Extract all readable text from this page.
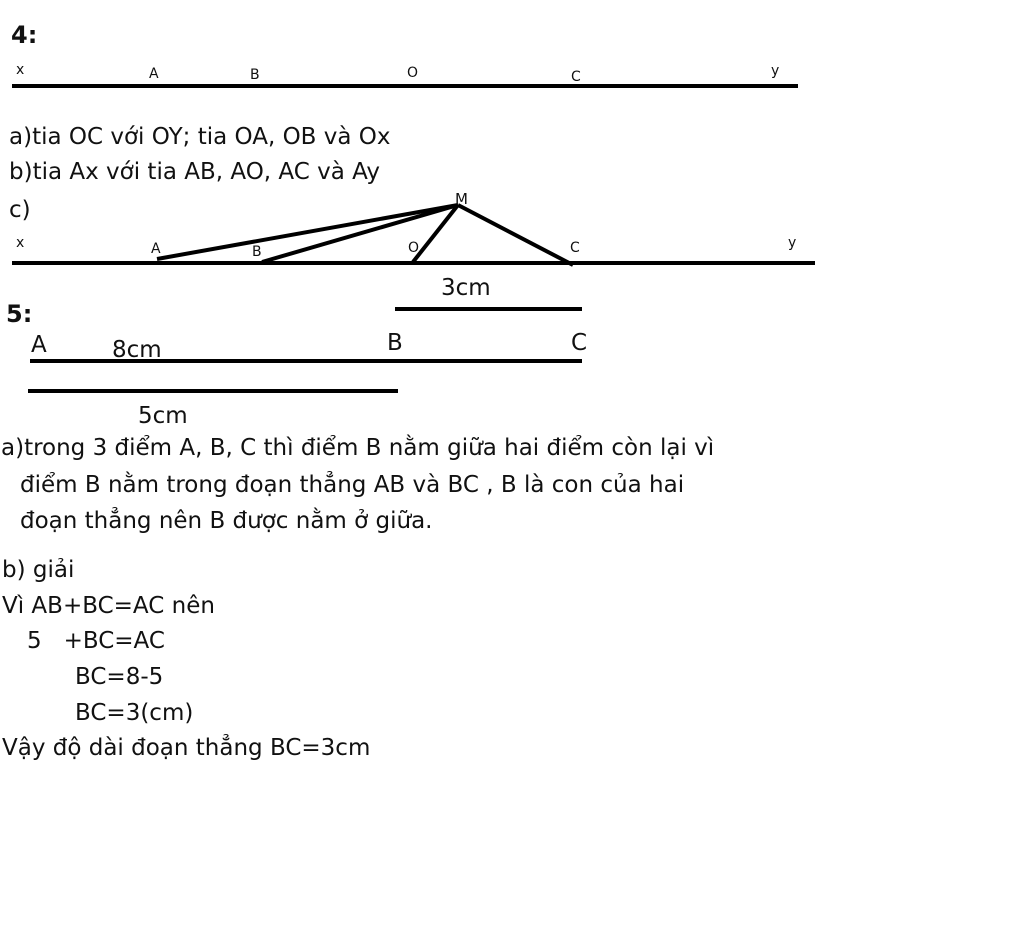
4:
x	A	B	O	C	y
a)tia OC với OY; tia OA, OB và Ox
b)tia Ax với tia AB, AO, AC và Ay
c)	M
x	A	B	O	C	y
5:
3cm
A	8cm	B	C
5cm
a)trong 3 điểm A, B, C thì điểm B nằm giữa hai điểm còn lại vì
điểm B nằm trong đoạn thẳng AB và BC , B là con của hai
đoạn thẳng nên B được nằm ở giữa.
b) giải
Vì AB+BC=AC nên
5   +BC=AC
BC=8-5
BC=3(cm)
Vậy độ dài đoạn thẳng BC=3cm
